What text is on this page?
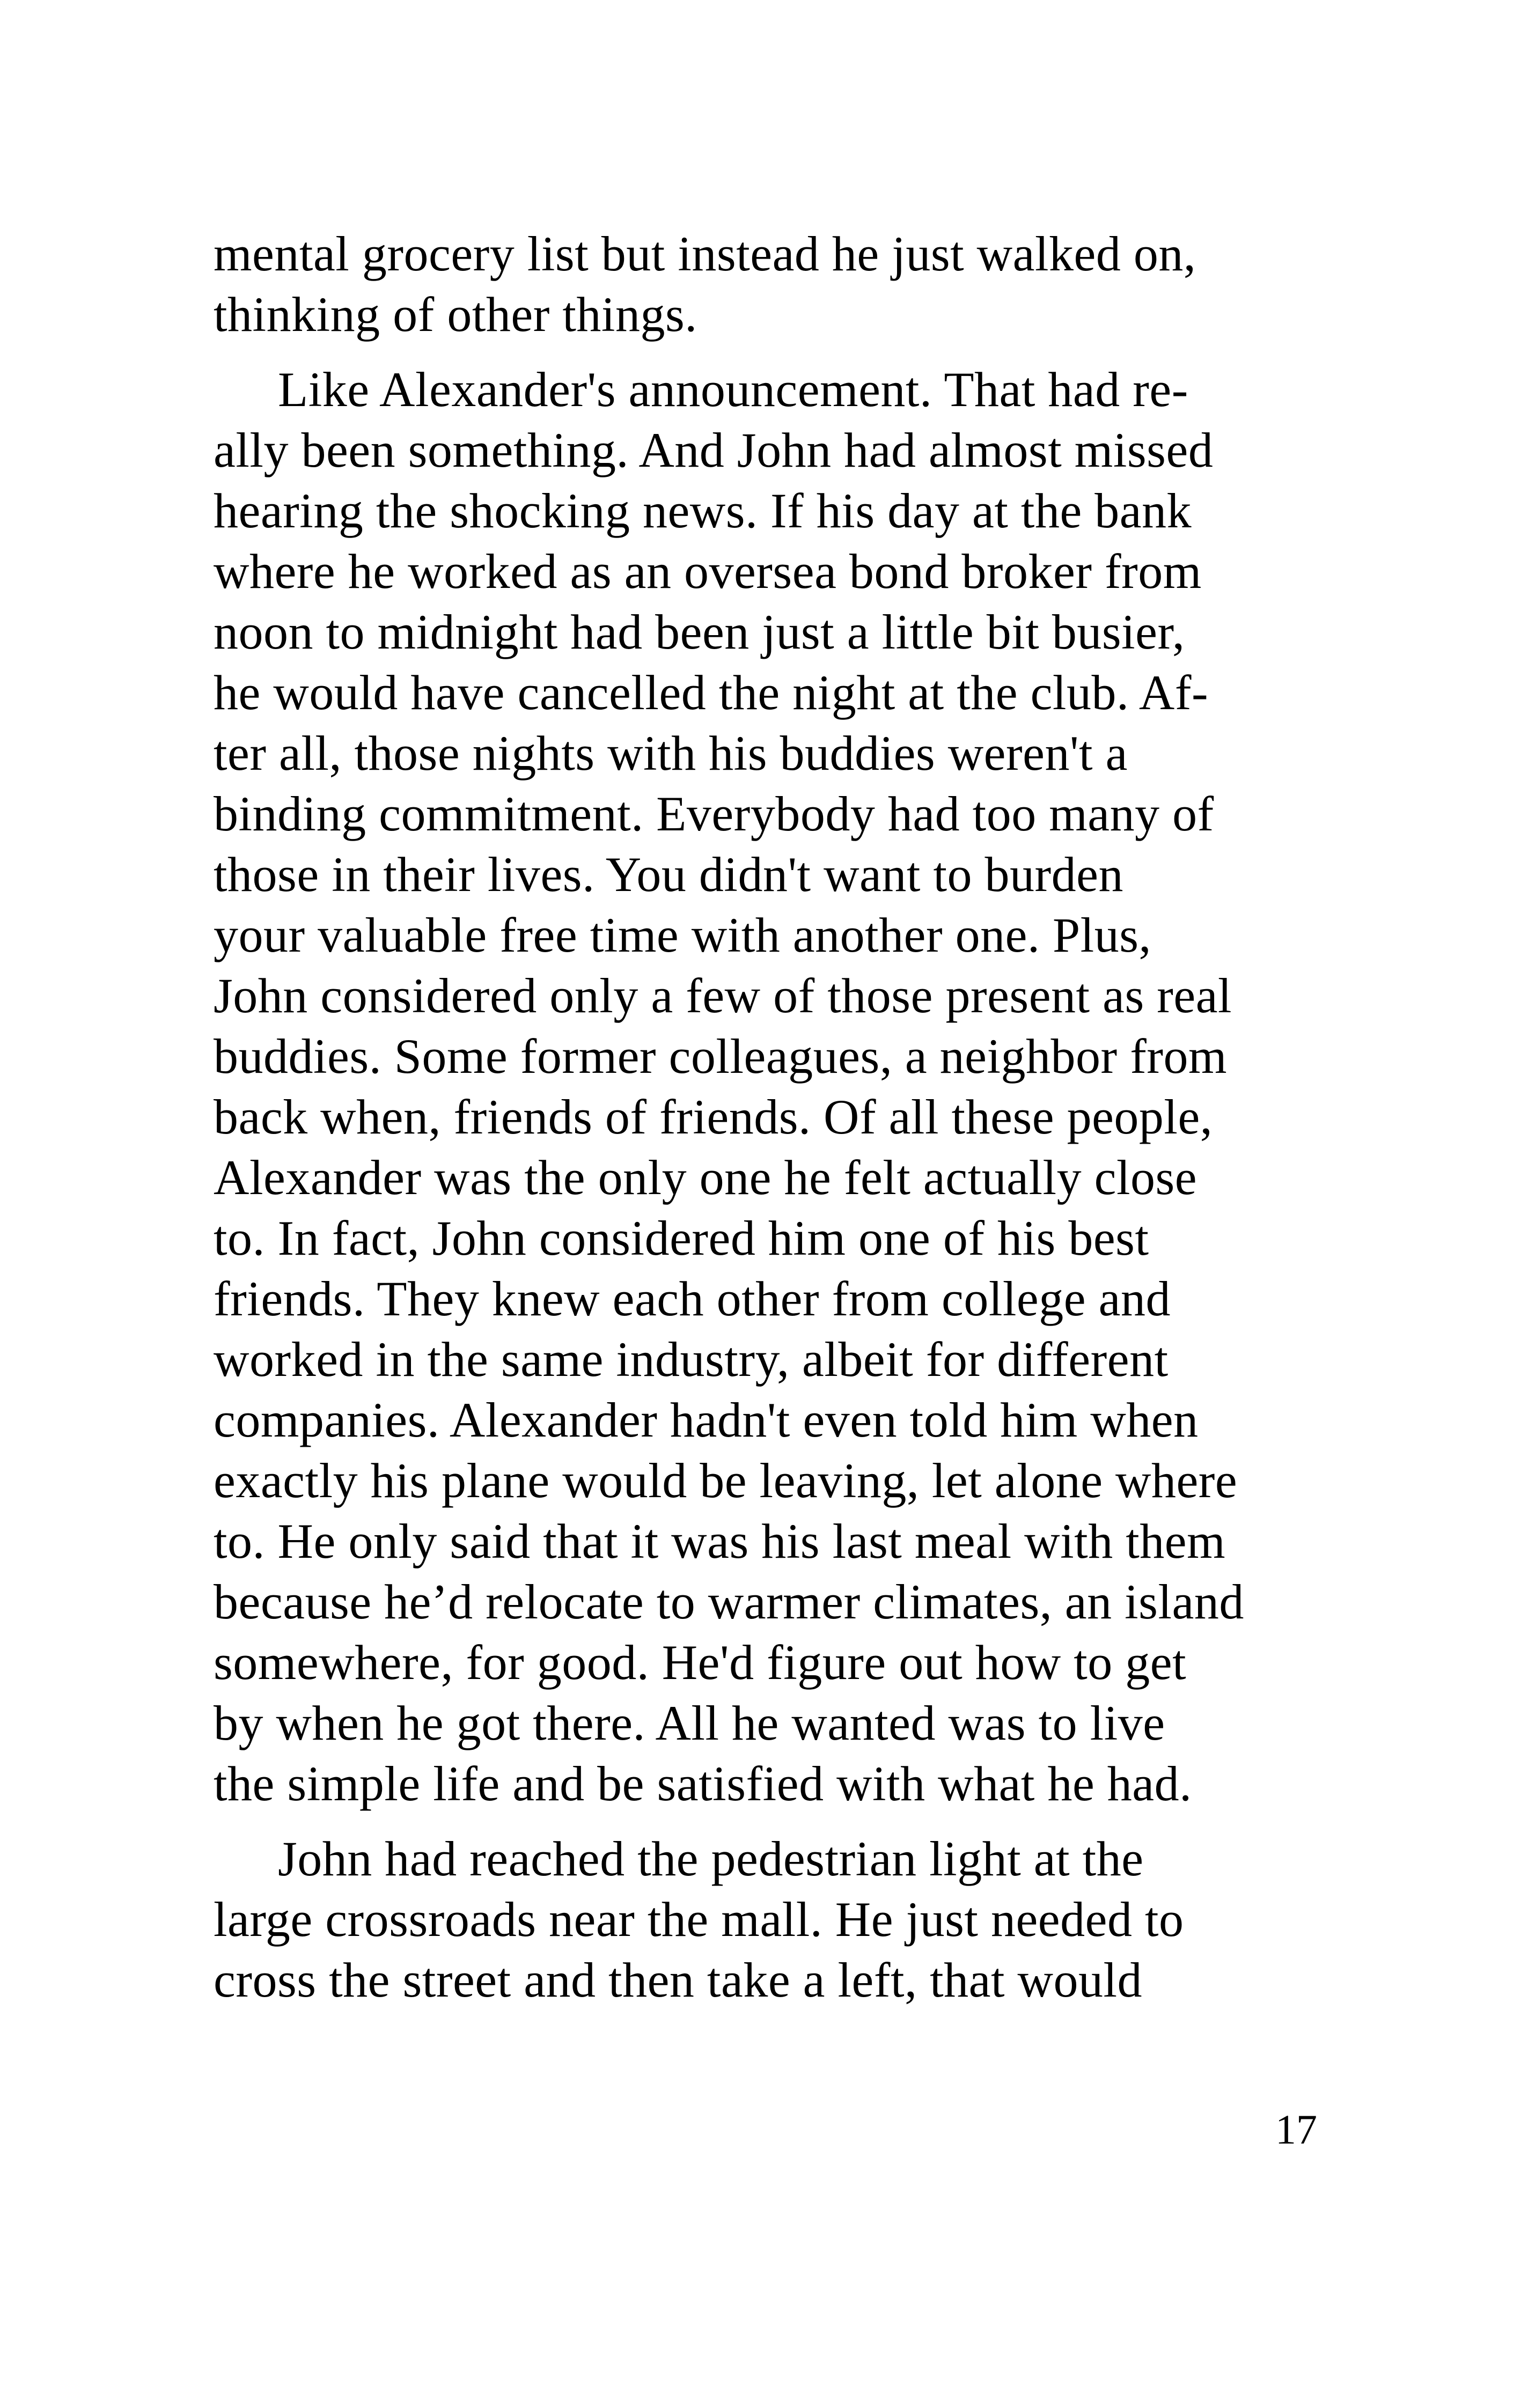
mental grocery list but instead he just walked on,
thinking of other things.
Like Alexander's announcement. That had re-
ally been something. And John had almost missed
hearing the shocking news. If his day at the bank
where he worked as an oversea bond broker from
noon to midnight had been just a little bit busier,
he would have cancelled the night at the club. Af-
ter all, those nights with his buddies weren't a
binding commitment. Everybody had too many of
those in their lives. You didn't want to burden
your valuable free time with another one. Plus,
John considered only a few of those present as real
buddies. Some former colleagues, a neighbor from
back when, friends of friends. Of all these people,
Alexander was the only one he felt actually close
to. In fact, John considered him one of his best
friends. They knew each other from college and
worked in the same industry, albeit for different
companies. Alexander hadn't even told him when
exactly his plane would be leaving, let alone where
to. He only said that it was his last meal with them
because he’d relocate to warmer climates, an island
somewhere, for good. He'd figure out how to get
by when he got there. All he wanted was to live
the simple life and be satisfied with what he had.
John had reached the pedestrian light at the
large crossroads near the mall. He just needed to
cross the street and then take a left, that would
17
